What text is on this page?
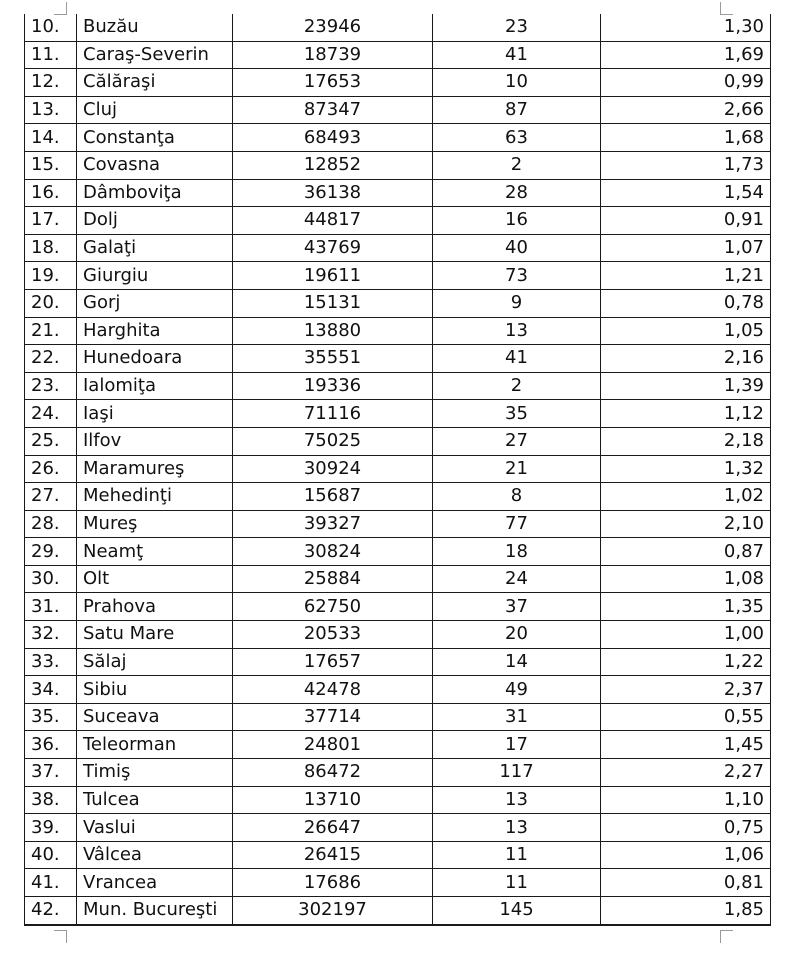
10.	Buzău	23946	23	1,30
11.	Caraş-Severin	18739	41	1,69
12.	Călăraşi	17653	10	0,99
13.	Cluj	87347	87	2,66
14.	Constanţa	68493	63	1,68
15.	Covasna	12852	2	1,73
16.	Dâmboviţa	36138	28	1,54
17.	Dolj	44817	16	0,91
18.	Galaţi	43769	40	1,07
19.	Giurgiu	19611	73	1,21
20.	Gorj	15131	9	0,78
21.	Harghita	13880	13	1,05
22.	Hunedoara	35551	41	2,16
23.	Ialomiţa	19336	2	1,39
24.	Iaşi	71116	35	1,12
25.	Ilfov	75025	27	2,18
26.	Maramureş	30924	21	1,32
27.	Mehedinţi	15687	8	1,02
28.	Mureş	39327	77	2,10
29.	Neamţ	30824	18	0,87
30.	Olt	25884	24	1,08
31.	Prahova	62750	37	1,35
32.	Satu Mare	20533	20	1,00
33.	Sălaj	17657	14	1,22
34.	Sibiu	42478	49	2,37
35.	Suceava	37714	31	0,55
36.	Teleorman	24801	17	1,45
37.	Timiş	86472	117	2,27
38.	Tulcea	13710	13	1,10
39.	Vaslui	26647	13	0,75
40.	Vâlcea	26415	11	1,06
41.	Vrancea	17686	11	0,81
42.	Mun. Bucureşti	302197	145	1,85
